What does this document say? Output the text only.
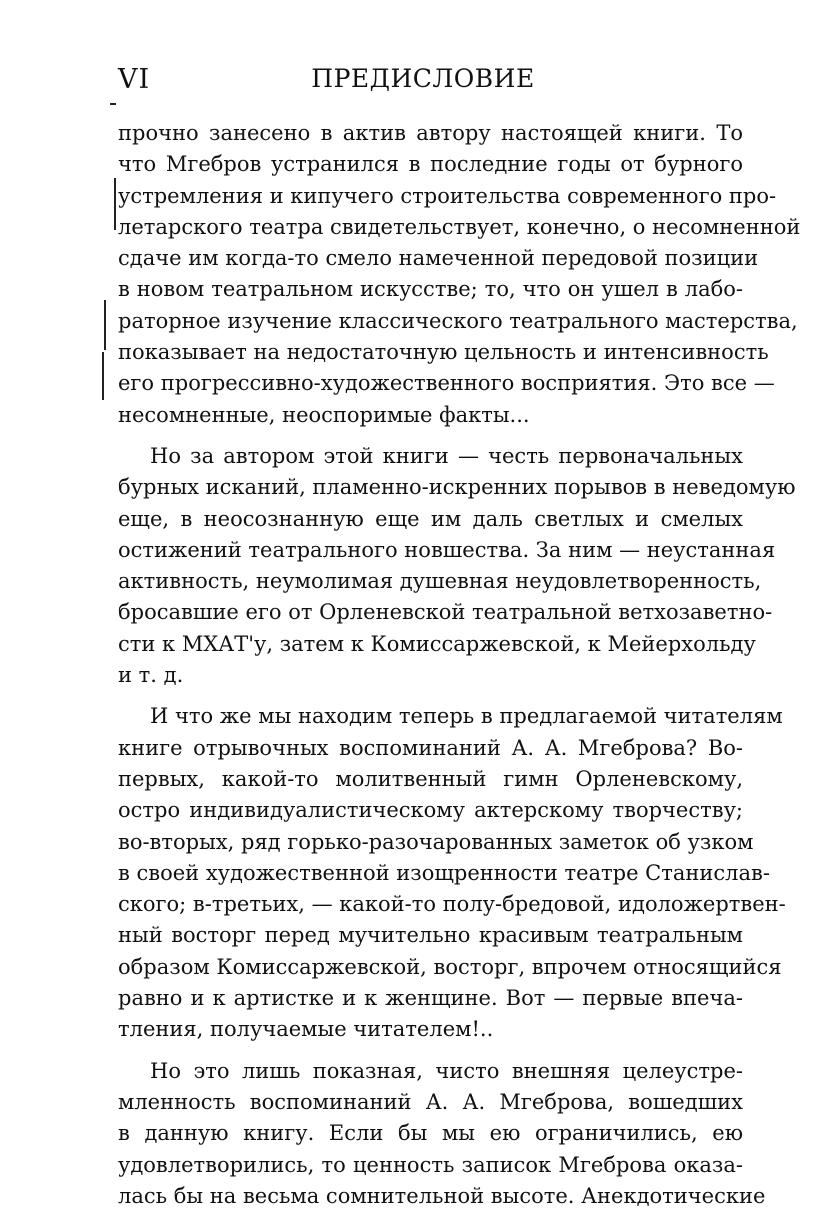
VI	ПРЕДИСЛОВИЕ
прочно занесено в актив автору настоящей книги. То
что Мгебров устранился в последние годы от бурного
устремления и кипучего строительства современного про-
летарского театра свидетельствует, конечно, о несомненной
сдаче им когда-то смело намеченной передовой позиции
в новом театральном искусстве; то, что он ушел в лабо-
раторное изучение классического театрального мастерства,
показывает на недостаточную цельность и интенсивность
его прогрессивно-художественного восприятия. Это все —
несомненные, неоспоримые факты...
Но за автором этой книги — честь первоначальных
бурных исканий, пламенно-искренних порывов в неведомую
еще, в неосознанную еще им даль светлых и смелых
остижений театрального новшества. За ним — неустанная
активность, неумолимая душевная неудовлетворенность,
бросавшие его от Орленевской театральной ветхозаветно-
сти к МХАТ'у, затем к Комиссаржевской, к Мейерхольду
и т. д.
И что же мы находим теперь в предлагаемой читателям
книге отрывочных воспоминаний А. А. Мгеброва? Во-
первых, какой-то молитвенный гимн Орленевскому,
остро индивидуалистическому актерскому творчеству;
во-вторых, ряд горько-разочарованных заметок об узком
в своей художественной изощренности театре Станислав-
ского; в-третьих, — какой-то полу-бредовой, идоложертвен-
ный восторг перед мучительно красивым театральным
образом Комиссаржевской, восторг, впрочем относящийся
равно и к артистке и к женщине. Вот — первые впеча-
тления, получаемые читателем!..
Но это лишь показная, чисто внешняя целеустре-
мленность воспоминаний А. А. Мгеброва, вошедших
в данную книгу. Если бы мы ею ограничились, ею
удовлетворились, то ценность записок Мгеброва оказа-
лась бы на весьма сомнительной высоте. Анекдотические
